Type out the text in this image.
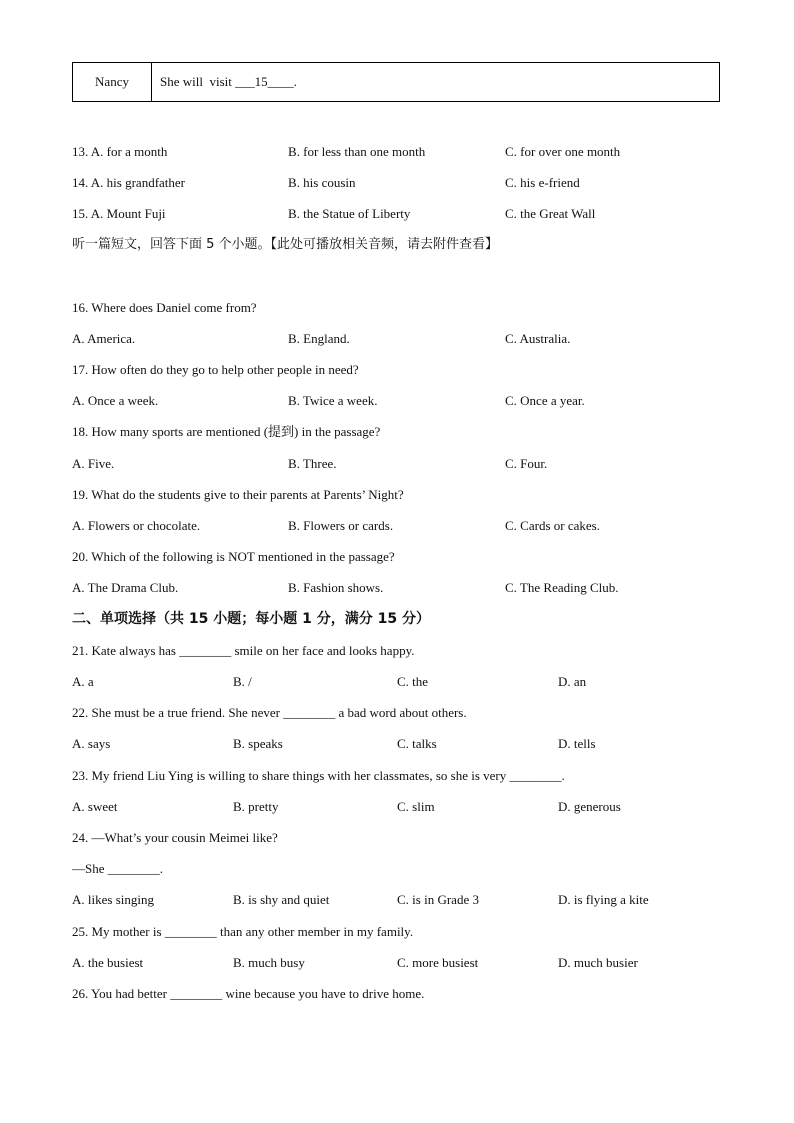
Nancy	She will  visit ___15____ .
13. A. for a month	B. for less than one month	C. for over one month
14. A. his grandfather	B. his cousin	C. his e-friend
15. A. Mount Fuji	B. the Statue of Liberty	C. the Great Wall
听一篇短文，回答下面 5 个小题。【此处可播放相关音频，请去附件查看】
16. Where does Daniel come from?
A. America.	B. England.	C. Australia.
17. How often do they go to help other people in need?
A. Once a week.	B. Twice a week.	C. Once a year.
18. How many sports are mentioned (提到) in the passage?
A. Five.	B. Three.	C. Four.
19. What do the students give to their parents at Parents’ Night?
A. Flowers or chocolate.	B. Flowers or cards.	C. Cards or cakes.
20. Which of the following is NOT mentioned in the passage?
A. The Drama Club.	B. Fashion shows.	C. The Reading Club.
二、单项选择（共 15 小题；每小题 1 分，满分 15 分）
21. Kate always has ________ smile on her face and looks happy.
A. a	B. /	C. the	D. an
22. She must be a true friend. She never ________ a bad word about others.
A. says	B. speaks	C. talks	D. tells
23. My friend Liu Ying is willing to share things with her classmates, so she is very ________.
A. sweet	B. pretty	C. slim	D. generous
24. —What’s your cousin Meimei like?
—She ________.
A. likes singing	B. is shy and quiet	C. is in Grade 3	D. is flying a kite
25. My mother is ________ than any other member in my family.
A. the busiest	B. much busy	C. more busiest	D. much busier
26. You had better ________ wine because you have to drive home.
